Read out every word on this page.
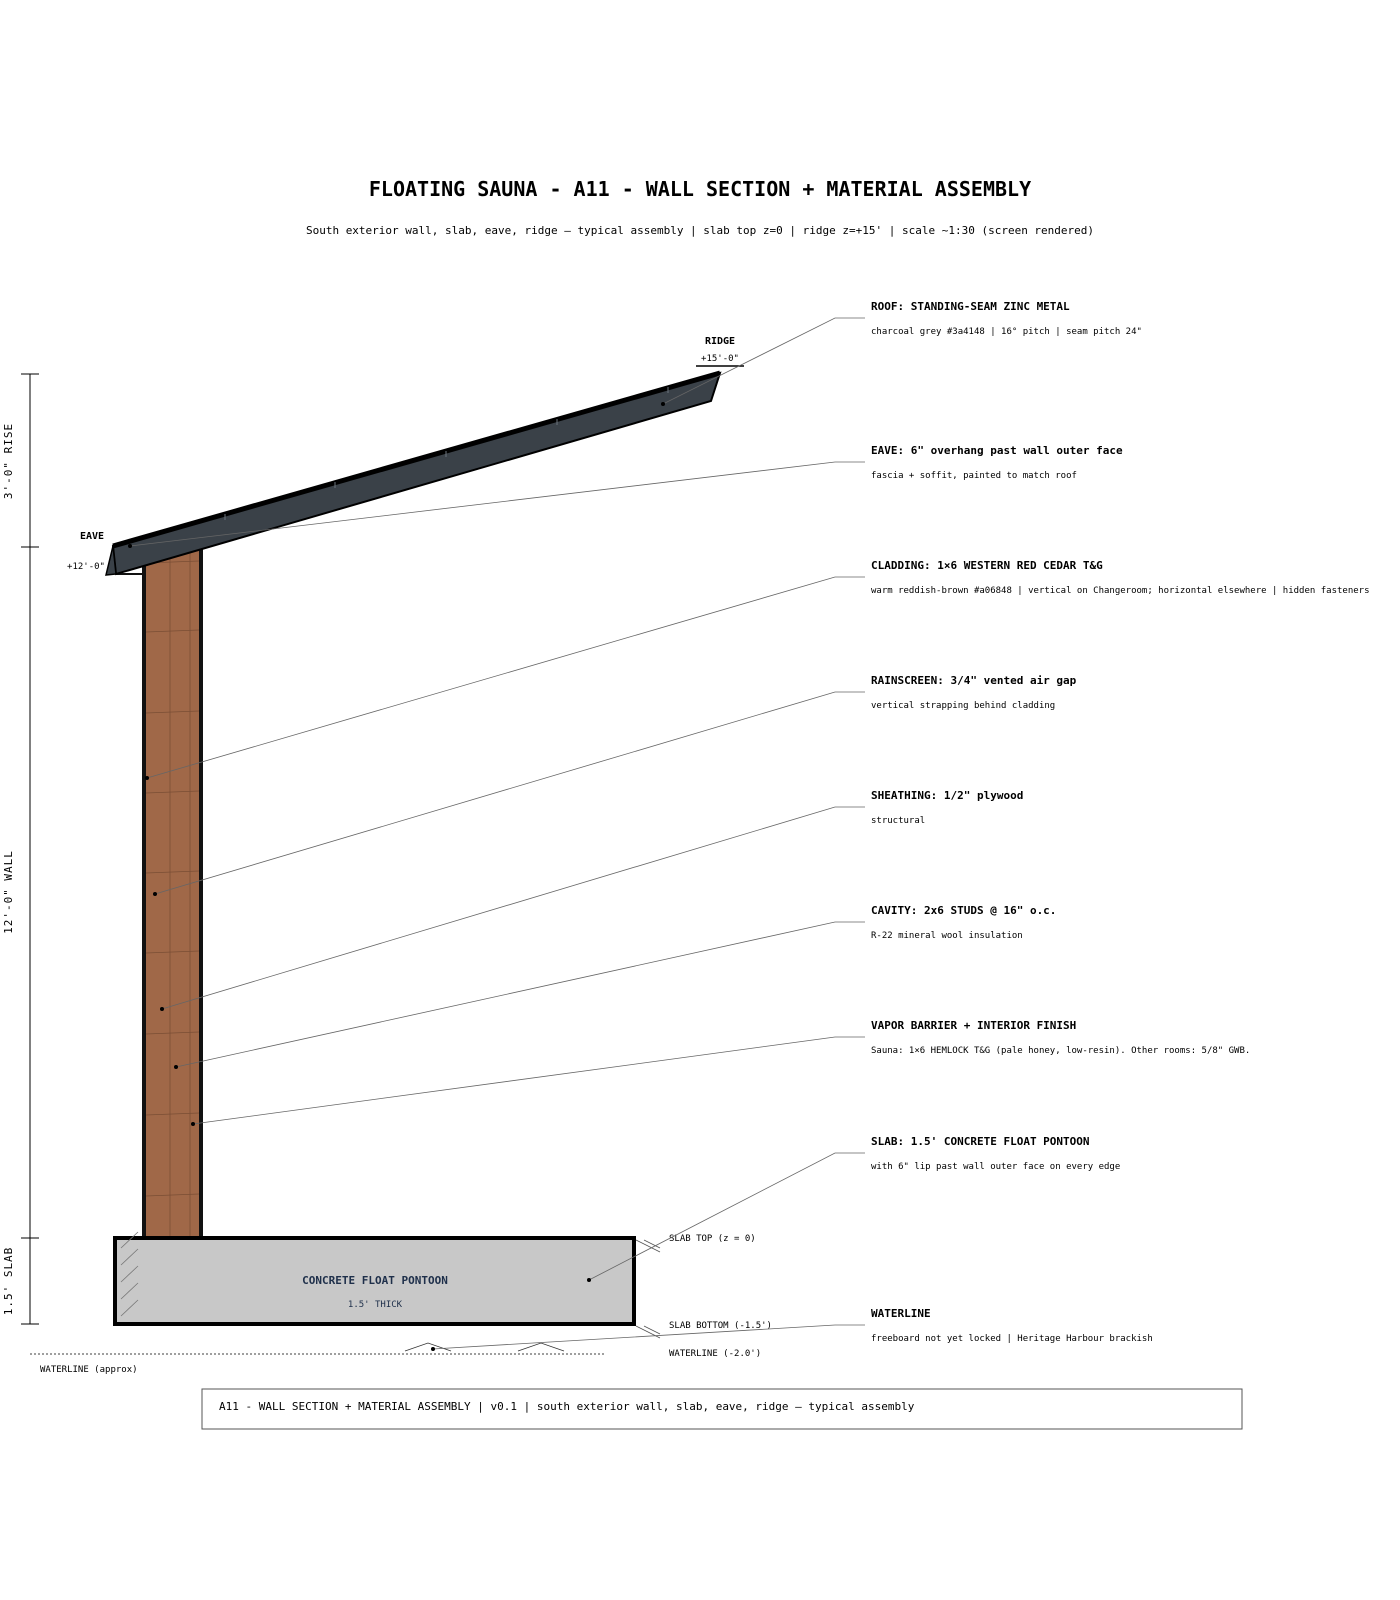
FLOATING SAUNA - A11 - WALL SECTION + MATERIAL ASSEMBLY
South exterior wall, slab, eave, ridge — typical assembly | slab top z=0 | ridge z=+15' | scale ~1:30 (screen rendered)
3'-0" RISE
12'-0" WALL
1.5' SLAB
RIDGE
+15'-0"
EAVE
+12'-0"
CONCRETE FLOAT PONTOON
1.5' THICK
SLAB TOP (z = 0)
SLAB BOTTOM (-1.5')
WATERLINE (-2.0')
WATERLINE (approx)
ROOF: STANDING-SEAM ZINC METAL
charcoal grey #3a4148 | 16° pitch | seam pitch 24"
EAVE: 6" overhang past wall outer face
fascia + soffit, painted to match roof
CLADDING: 1×6 WESTERN RED CEDAR T&G
warm reddish-brown #a06848 | vertical on Changeroom; horizontal elsewhere | hidden fasteners
RAINSCREEN: 3/4" vented air gap
vertical strapping behind cladding
SHEATHING: 1/2" plywood
structural
CAVITY: 2x6 STUDS @ 16" o.c.
R-22 mineral wool insulation
VAPOR BARRIER + INTERIOR FINISH
Sauna: 1×6 HEMLOCK T&G (pale honey, low-resin). Other rooms: 5/8" GWB.
SLAB: 1.5' CONCRETE FLOAT PONTOON
with 6" lip past wall outer face on every edge
WATERLINE
freeboard not yet locked | Heritage Harbour brackish
A11 - WALL SECTION + MATERIAL ASSEMBLY | v0.1 | south exterior wall, slab, eave, ridge — typical assembly
